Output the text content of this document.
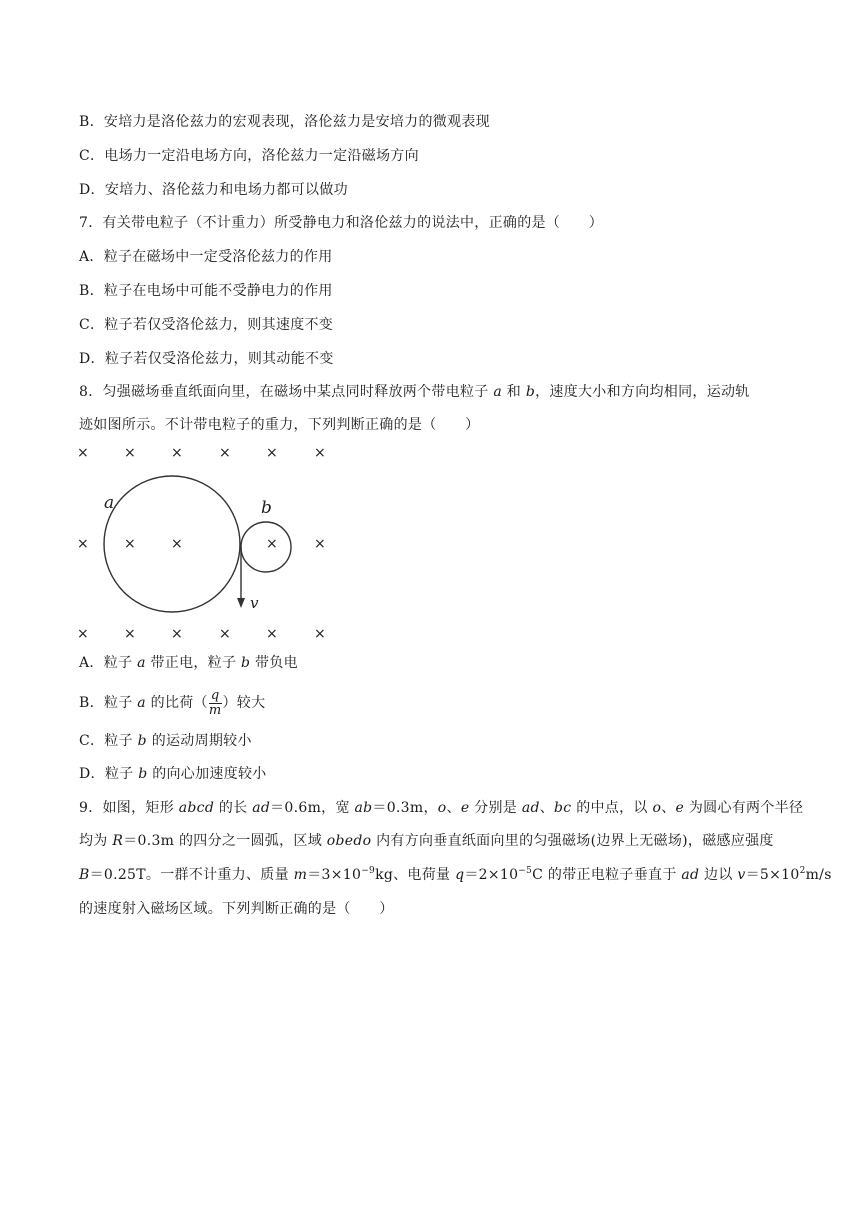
B．安培力是洛伦兹力的宏观表现，洛伦兹力是安培力的微观表现
C．电场力一定沿电场方向，洛伦兹力一定沿磁场方向
D．安培力、洛伦兹力和电场力都可以做功
7．有关带电粒子（不计重力）所受静电力和洛伦兹力的说法中，正确的是（　　）
A．粒子在磁场中一定受洛伦兹力的作用
B．粒子在电场中可能不受静电力的作用
C．粒子若仅受洛伦兹力，则其速度不变
D．粒子若仅受洛伦兹力，则其动能不变
8．匀强磁场垂直纸面向里，在磁场中某点同时释放两个带电粒子 a 和 b，速度大小和方向均相同，运动轨
迹如图所示。不计带电粒子的重力，下列判断正确的是（　　）
×	×	×	×	×	×
×	×	×	×
×	×	×	×	×	×
×
a	b
v
A．粒子 a 带正电，粒子 b 带负电
B．粒子 a 的比荷（ $\frac{q}{m}$ ）较大
C．粒子 b 的运动周期较小
D．粒子 b 的向心加速度较小
9．如图，矩形 abcd 的长 ad＝0.6m，宽 ab＝0.3m，o、e 分别是 ad、bc 的中点，以 o、e 为圆心有两个半径
均为 R＝0.3m 的四分之一圆弧，区域 obedo 内有方向垂直纸面向里的匀强磁场(边界上无磁场)，磁感应强度
B＝0.25T。一群不计重力、质量 $m=3\times 10^{-9}kg$、电荷量 $q=2\times 10^{-5}C$ 的带正电粒子垂直于 ad 边以 $v=5\times 10^2m/s$
的速度射入磁场区域。下列判断正确的是（　　）
